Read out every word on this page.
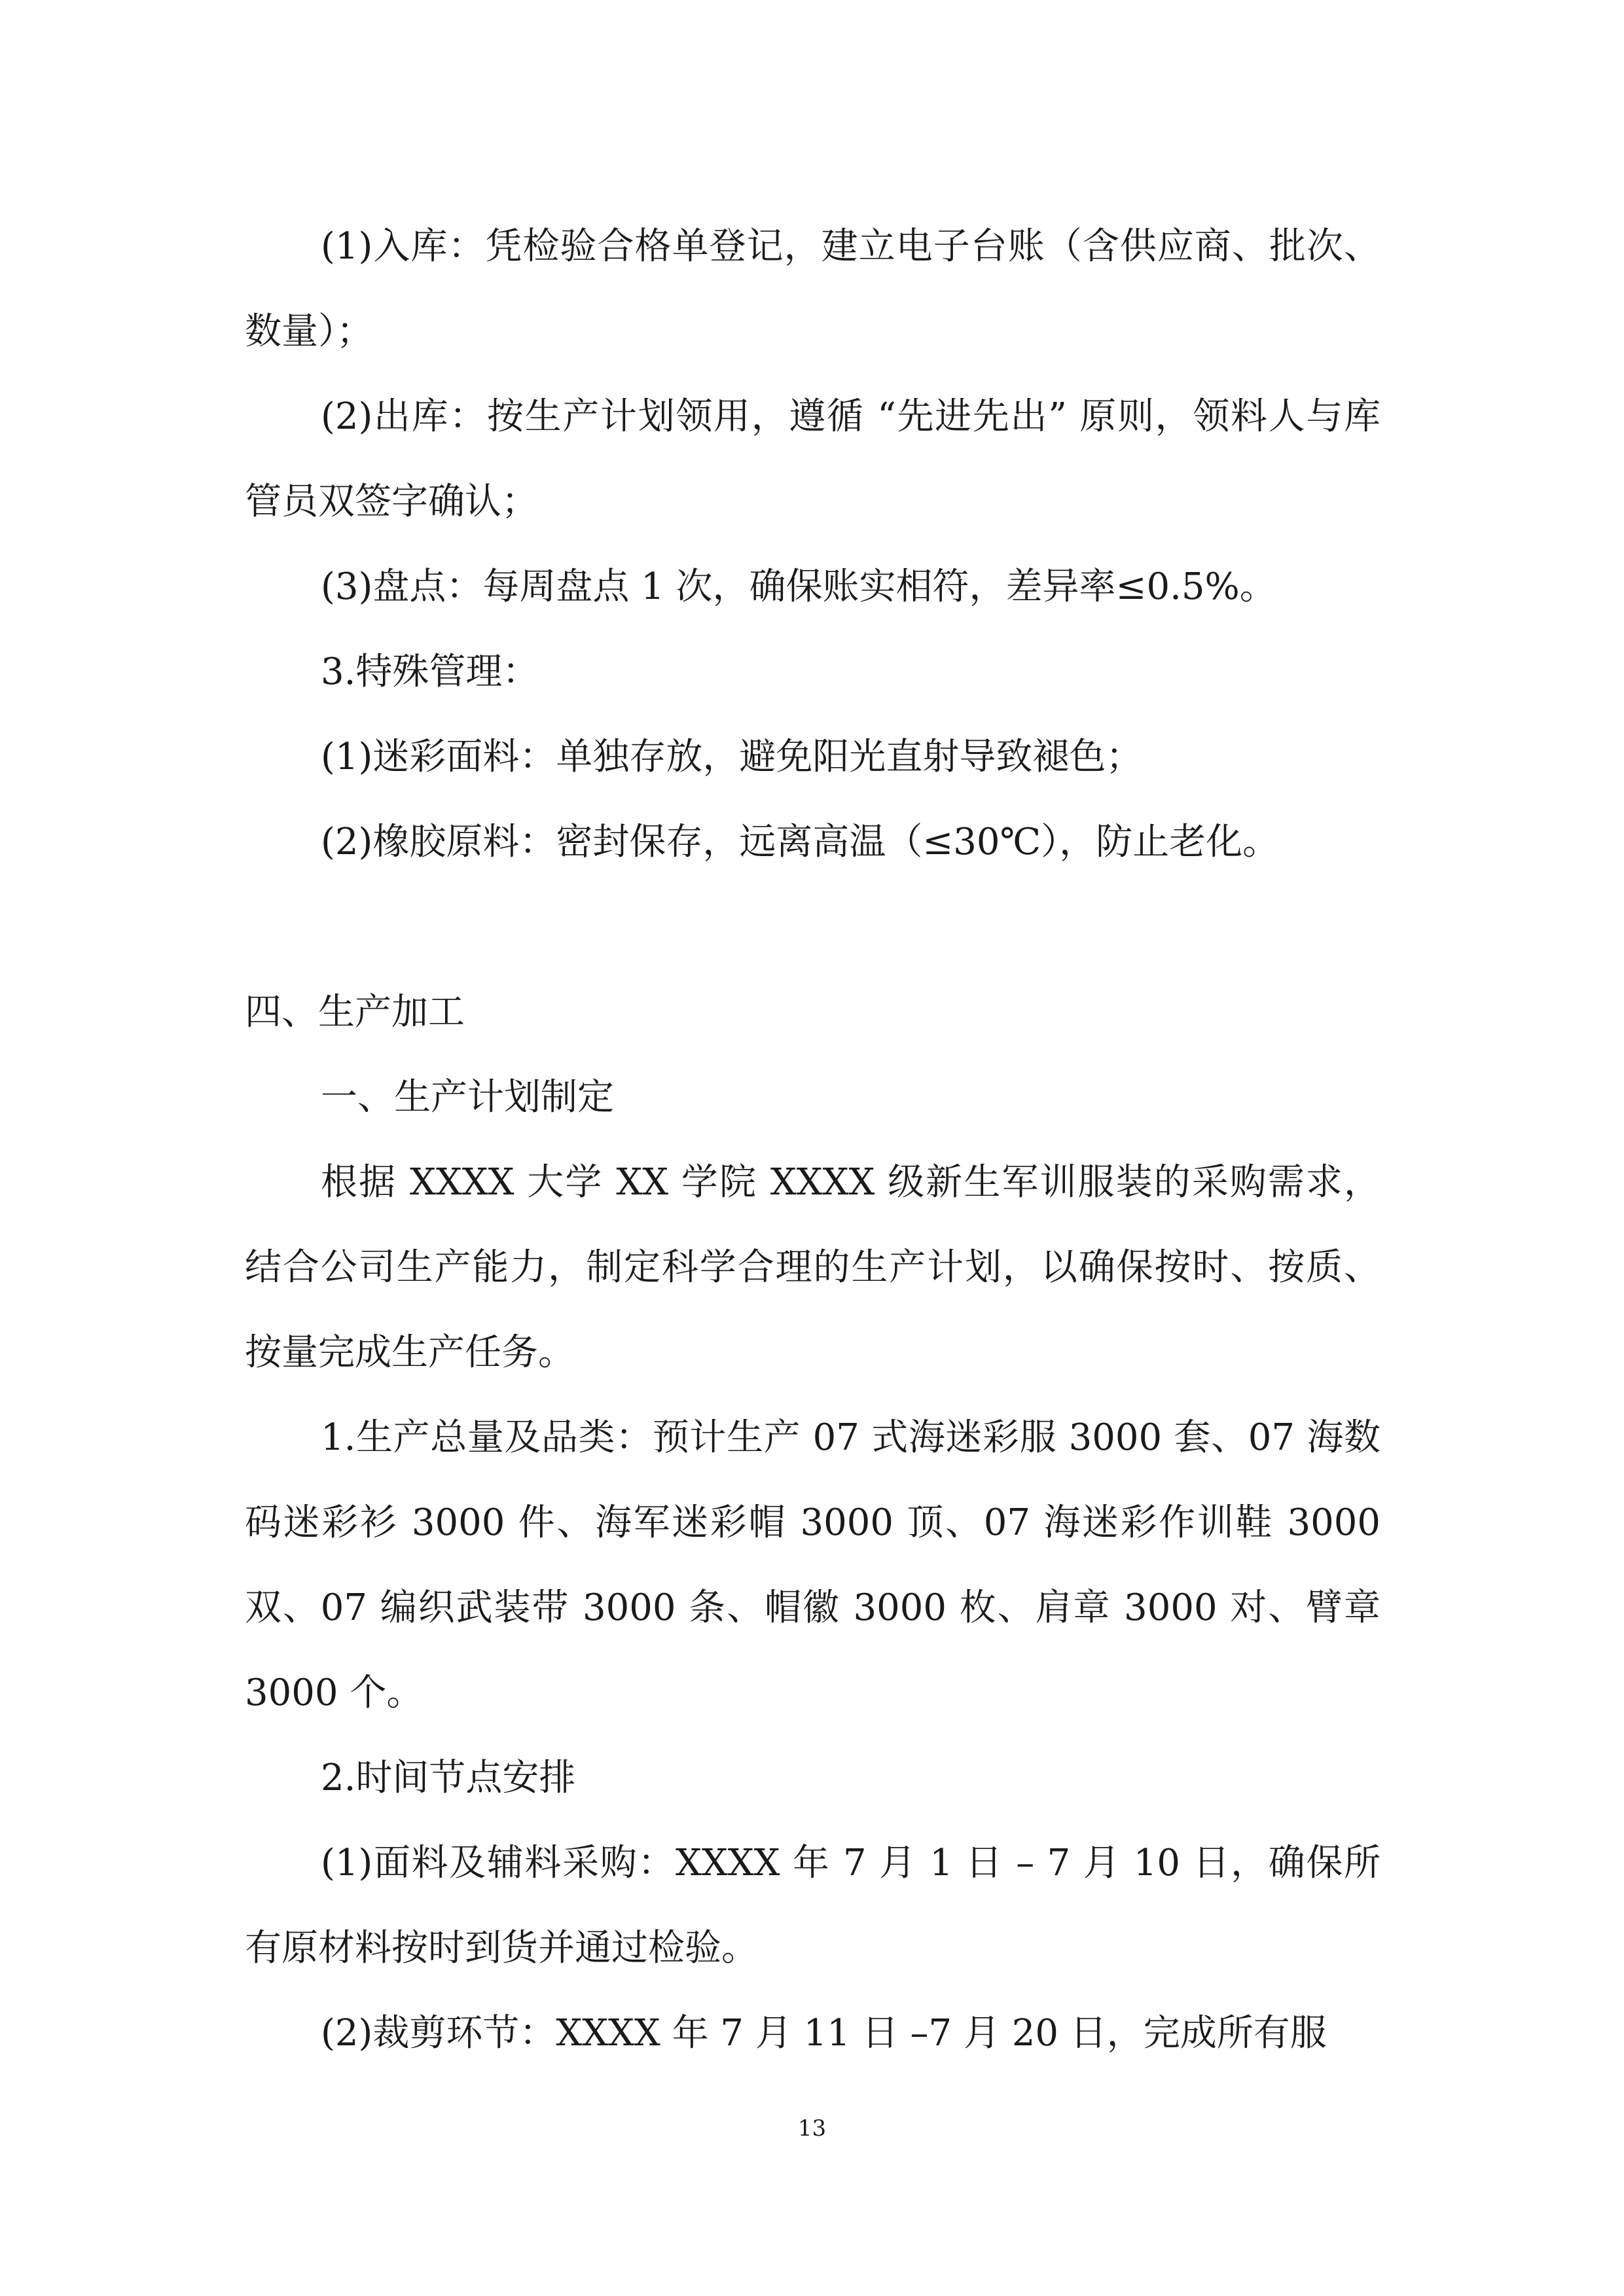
(1)入库：凭检验合格单登记，建立电子台账（含供应商、批次、数量）；

(2)出库：按生产计划领用，遵循 “先进先出” 原则，领料人与库管员双签字确认；

(3)盘点：每周盘点 1 次，确保账实相符，差异率≤0.5%。

3.特殊管理：

(1)迷彩面料：单独存放，避免阳光直射导致褪色；

(2)橡胶原料：密封保存，远离高温（≤30℃），防止老化。

四、生产加工

一、生产计划制定

根据 XXXX 大学 XX 学院 XXXX 级新生军训服装的采购需求，结合公司生产能力，制定科学合理的生产计划，以确保按时、按质、按量完成生产任务。

1.生产总量及品类：预计生产 07 式海迷彩服 3000 套、07 海数码迷彩衫 3000 件、海军迷彩帽 3000 顶、07 海迷彩作训鞋 3000 双、07 编织武装带 3000 条、帽徽 3000 枚、肩章 3000 对、臂章 3000 个。

2.时间节点安排

(1)面料及辅料采购：XXXX 年 7 月 1 日 – 7 月 10 日，确保所有原材料按时到货并通过检验。

(2)裁剪环节：XXXX 年 7 月 11 日 –7 月 20 日，完成所有服

13
